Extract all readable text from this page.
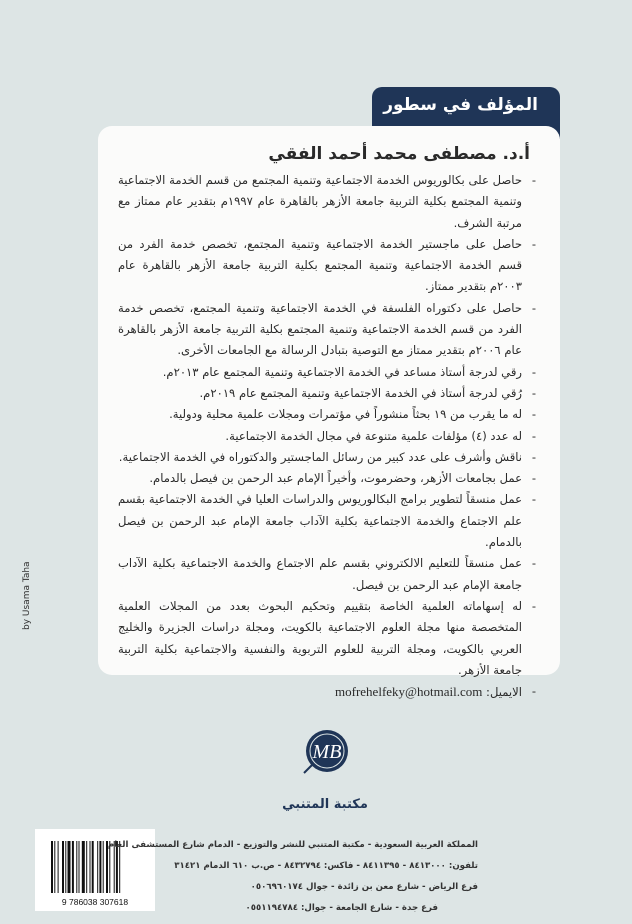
المؤلف في سطور
أ.د. مصطفى محمد أحمد الفقي
- حاصل على بكالوريوس الخدمة الاجتماعية وتنمية المجتمع من قسم الخدمة الاجتماعية وتنمية المجتمع بكلية التربية جامعة الأزهر بالقاهرة عام ١٩٩٧م بتقدير عام ممتاز مع مرتبة الشرف.
- حاصل على ماجستير الخدمة الاجتماعية وتنمية المجتمع، تخصص خدمة الفرد من قسم الخدمة الاجتماعية وتنمية المجتمع بكلية التربية جامعة الأزهر بالقاهرة عام ٢٠٠٣م بتقدير ممتاز.
- حاصل على دكتوراه الفلسفة في الخدمة الاجتماعية وتنمية المجتمع، تخصص خدمة الفرد من قسم الخدمة الاجتماعية وتنمية المجتمع بكلية التربية جامعة الأزهر بالقاهرة عام ٢٠٠٦م بتقدير ممتاز مع التوصية بتبادل الرسالة مع الجامعات الأخرى.
- رقي لدرجة أستاذ مساعد في الخدمة الاجتماعية وتنمية المجتمع عام ٢٠١٣م.
- رُقي لدرجة أستاذ في الخدمة الاجتماعية وتنمية المجتمع عام ٢٠١٩م.
- له ما يقرب من ١٩ بحثاً منشوراً في مؤتمرات ومجلات علمية محلية ودولية.
- له عدد (٤) مؤلفات علمية متنوعة في مجال الخدمة الاجتماعية.
- ناقش وأشرف على عدد كبير من رسائل الماجستير والدكتوراه في الخدمة الاجتماعية.
- عمل بجامعات الأزهر، وحضرموت، وأخيراً الإمام عبد الرحمن بن فيصل بالدمام.
- عمل منسقاً لتطوير برامج البكالوريوس والدراسات العليا في الخدمة الاجتماعية بقسم علم الاجتماع والخدمة الاجتماعية بكلية الآداب جامعة الإمام عبد الرحمن بن فيصل بالدمام.
- عمل منسقاً للتعليم الالكتروني بقسم علم الاجتماع والخدمة الاجتماعية بكلية الآداب جامعة الإمام عبد الرحمن بن فيصل.
- له إسهاماته العلمية الخاصة بتقييم وتحكيم البحوث بعدد من المجلات العلمية المتخصصة منها مجلة العلوم الاجتماعية بالكويت، ومجلة دراسات الجزيرة والخليج العربي بالكويت، ومجلة التربية للعلوم التربوية والنفسية والاجتماعية بكلية التربية جامعة الأزهر.
- الايميل: mofrehelfeky@hotmail.com
by Usama Taha
MB
مكتبة المتنبي
9 786038 307618
المملكة العربية السعودية - مكتبة المتنبي للنشر والتوزيع - الدمام شارع المستشفى العام
تلفون: ٨٤١٣٠٠٠ - ٨٤١١٣٩٥ - فاكس: ٨٤٣٢٧٩٤ - ص.ب ٦١٠ الدمام ٣١٤٢١
فرع الرياض - شارع معن بن زائدة - جوال ٠٥٠٦٩٦٠١٧٤
فرع جدة - شارع الجامعة - جوال: ٠٥٥١١٩٤٧٨٤
